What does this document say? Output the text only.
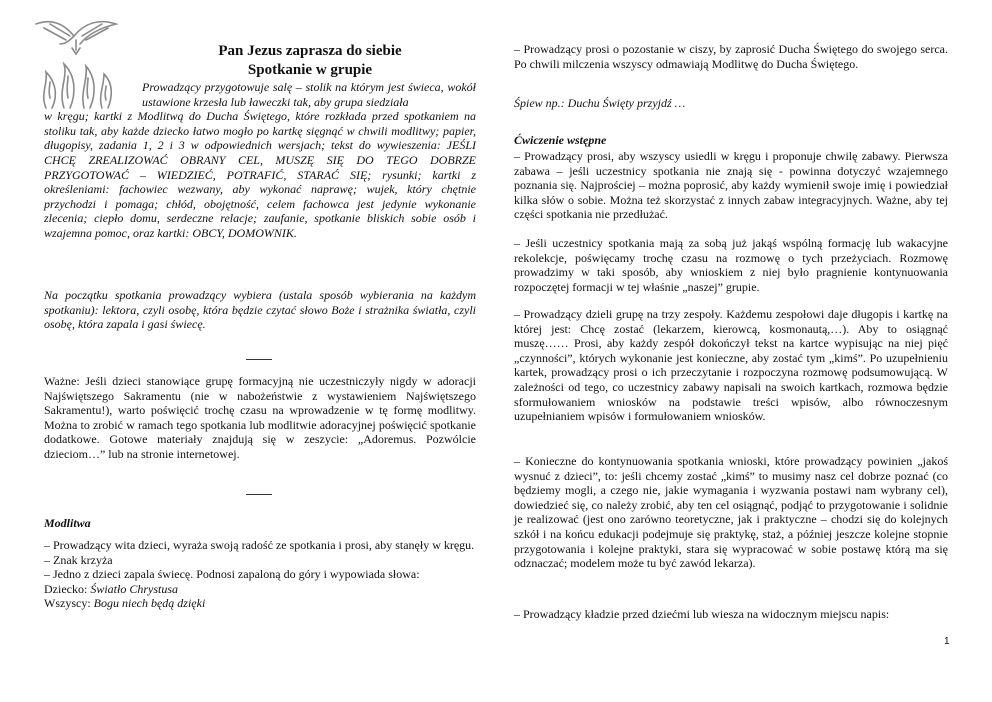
Pan Jezus zaprasza do siebie
Spotkanie w grupie

Prowadzący przygotowuje salę – stolik na którym jest świeca, wokół ustawione krzesła lub ławeczki tak, aby grupa siedziała
w kręgu; kartki z Modlitwą do Ducha Świętego, które rozkłada przed spotkaniem na stoliku tak, aby każde dziecko łatwo mogło po kartkę sięgnąć w chwili modlitwy; papier, długopisy, zadania 1, 2 i 3 w odpowiednich wersjach; tekst do wywieszenia: JEŚLI CHCĘ ZREALIZOWAĆ OBRANY CEL, MUSZĘ SIĘ DO TEGO DOBRZE PRZYGOTOWAĆ – WIEDZIEĆ, POTRAFIĆ, STARAĆ SIĘ; rysunki; kartki z określeniami: fachowiec wezwany, aby wykonać naprawę; wujek, który chętnie przychodzi i pomaga; chłód, obojętność, celem fachowca jest jedynie wykonanie zlecenia; ciepło domu, serdeczne relacje; zaufanie, spotkanie bliskich sobie osób i wzajemna pomoc, oraz kartki: OBCY, DOMOWNIK.

Na początku spotkania prowadzący wybiera (ustala sposób wybierania na każdym spotkaniu): lektora, czyli osobę, która będzie czytać słowo Boże i strażnika światła, czyli osobę, która zapala i gasi świecę.

Ważne: Jeśli dzieci stanowiące grupę formacyjną nie uczestniczyły nigdy w adoracji Najświętszego Sakramentu (nie w nabożeństwie z wystawieniem Najświętszego Sakramentu!), warto poświęcić trochę czasu na wprowadzenie w tę formę modlitwy. Można to zrobić w ramach tego spotkania lub modlitwie adoracyjnej poświęcić spotkanie dodatkowe. Gotowe materiały znajdują się w zeszycie: „Adoremus. Pozwólcie dzieciom…” lub na stronie internetowej.

Modlitwa

– Prowadzący wita dzieci, wyraża swoją radość ze spotkania i prosi, aby stanęły w kręgu.

– Znak krzyża

– Jedno z dzieci zapala świecę. Podnosi zapaloną do góry i wypowiada słowa:

Dziecko: Światło Chrystusa

Wszyscy: Bogu niech będą dzięki

– Prowadzący prosi o pozostanie w ciszy, by zaprosić Ducha Świętego do swojego serca. Po chwili milczenia wszyscy odmawiają Modlitwę do Ducha Świętego.

Śpiew np.: Duchu Święty przyjdź …

Ćwiczenie wstępne

– Prowadzący prosi, aby wszyscy usiedli w kręgu i proponuje chwilę zabawy. Pierwsza zabawa – jeśli uczestnicy spotkania nie znają się - powinna dotyczyć wzajemnego poznania się. Najprościej – można poprosić, aby każdy wymienił swoje imię i powiedział kilka słów o sobie. Można też skorzystać z innych zabaw integracyjnych. Ważne, aby tej części spotkania nie przedłużać.

– Jeśli uczestnicy spotkania mają za sobą już jakąś wspólną formację lub wakacyjne rekolekcje, poświęcamy trochę czasu na rozmowę o tych przeżyciach. Rozmowę prowadzimy w taki sposób, aby wnioskiem z niej było pragnienie kontynuowania rozpoczętej formacji w tej właśnie „naszej” grupie.

– Prowadzący dzieli grupę na trzy zespoły. Każdemu zespołowi daje długopis i kartkę na której jest: Chcę zostać (lekarzem, kierowcą, kosmonautą,…). Aby to osiągnąć muszę…… Prosi, aby każdy zespół dokończył tekst na kartce wypisując na niej pięć „czynności”, których wykonanie jest konieczne, aby zostać tym „kimś”. Po uzupełnieniu kartek, prowadzący prosi o ich przeczytanie i rozpoczyna rozmowę podsumowującą. W zależności od tego, co uczestnicy zabawy napisali na swoich kartkach, rozmowa będzie sformułowaniem wniosków na podstawie treści wpisów, albo równoczesnym uzupełnianiem wpisów i formułowaniem wniosków.

– Konieczne do kontynuowania spotkania wnioski, które prowadzący powinien „jakoś wysnuć z dzieci”, to: jeśli chcemy zostać „kimś” to musimy nasz cel dobrze poznać (co będziemy mogli, a czego nie, jakie wymagania i wyzwania postawi nam wybrany cel), dowiedzieć się, co należy zrobić, aby ten cel osiągnąć, podjąć to przygotowanie i solidnie je realizować (jest ono zarówno teoretyczne, jak i praktyczne – chodzi się do kolejnych szkół i na końcu edukacji podejmuje się praktykę, staż, a później jeszcze kolejne stopnie przygotowania i kolejne praktyki, stara się wypracować w sobie postawę którą ma się odznaczać; modelem może tu być zawód lekarza).

– Prowadzący kładzie przed dziećmi lub wiesza na widocznym miejscu napis:

1
